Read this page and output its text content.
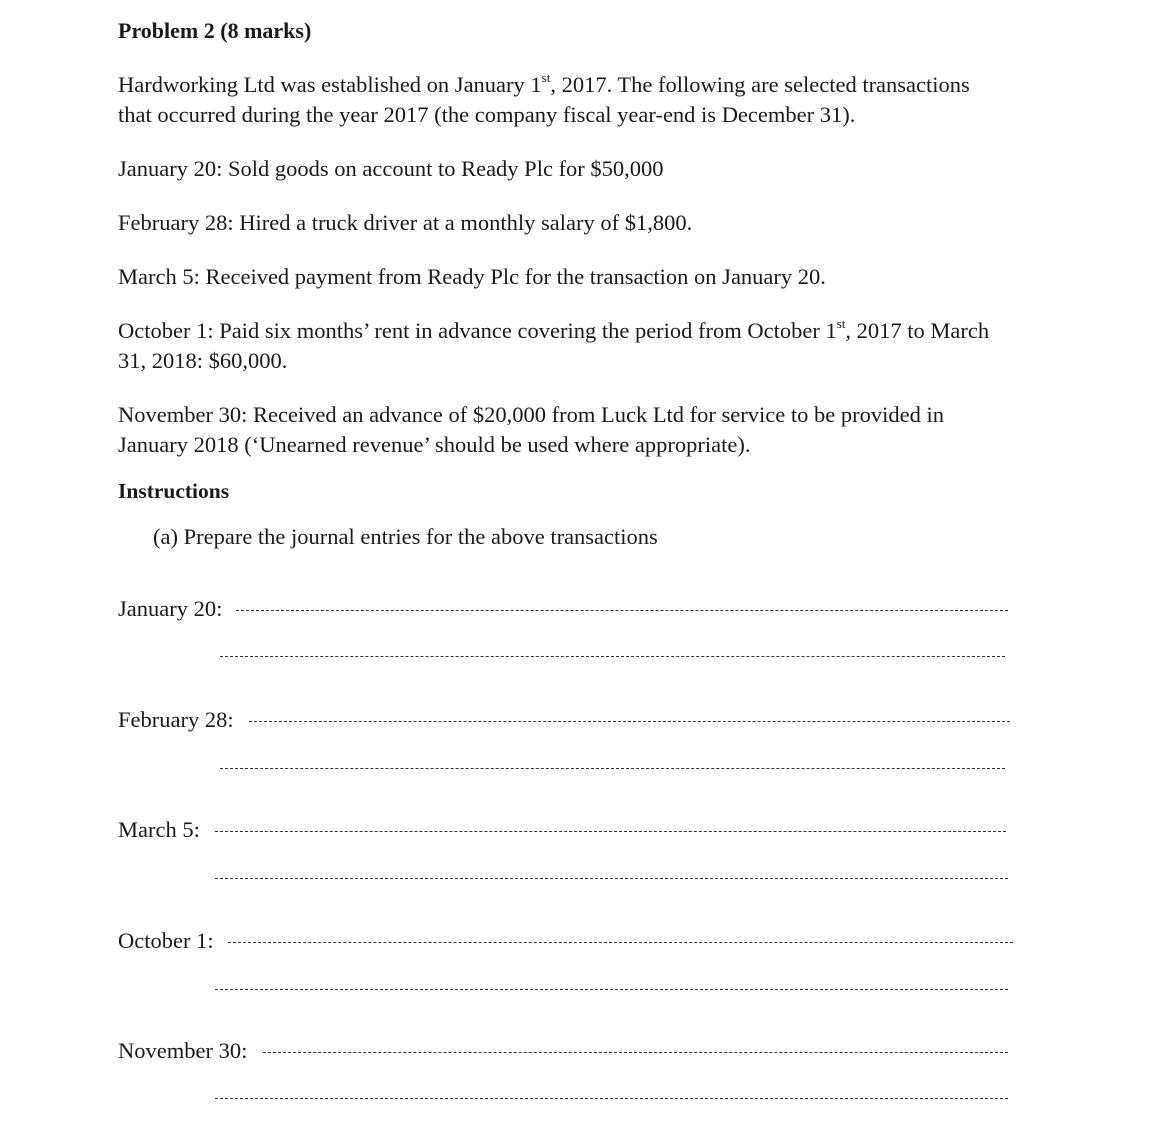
Problem 2 (8 marks)
Hardworking Ltd was established on January 1st, 2017. The following are selected transactions
that occurred during the year 2017 (the company fiscal year-end is December 31).
January 20: Sold goods on account to Ready Plc for $50,000
February 28: Hired a truck driver at a monthly salary of $1,800.
March 5: Received payment from Ready Plc for the transaction on January 20.
October 1: Paid six months’ rent in advance covering the period from October 1st, 2017 to March
31, 2018: $60,000.
November 30: Received an advance of $20,000 from Luck Ltd for service to be provided in
January 2018 (‘Unearned revenue’ should be used where appropriate).
Instructions
(a) Prepare the journal entries for the above transactions
January 20:
February 28:
March 5:
October 1:
November 30:
